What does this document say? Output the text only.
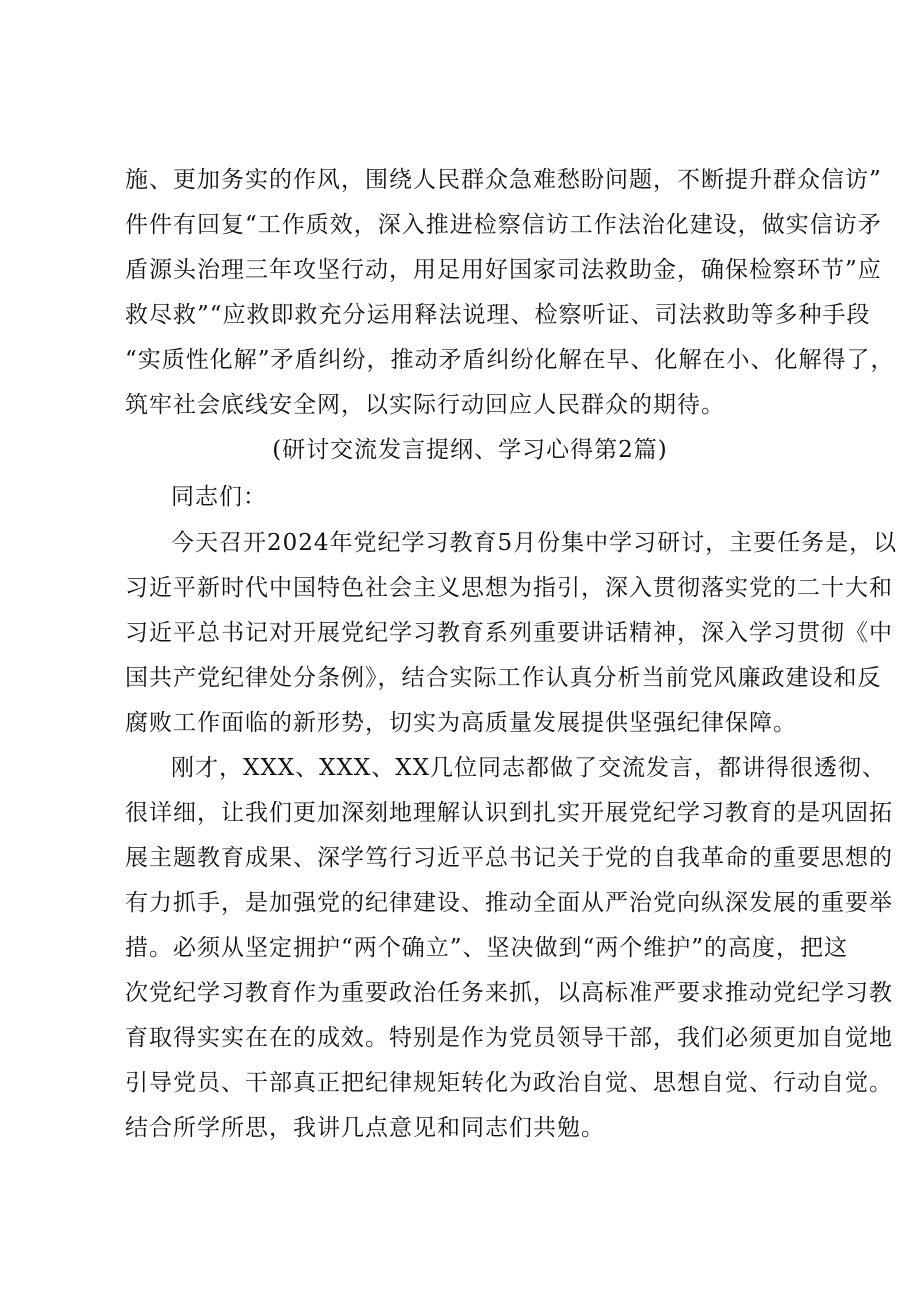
施、更加务实的作风，围绕人民群众急难愁盼问题，不断提升群众信访”
件件有回复“工作质效，深入推进检察信访工作法治化建设，做实信访矛
盾源头治理三年攻坚行动，用足用好国家司法救助金，确保检察环节”应
救尽救”“应救即救充分运用释法说理、检察听证、司法救助等多种手段
“实质性化解”矛盾纠纷，推动矛盾纠纷化解在早、化解在小、化解得了，
筑牢社会底线安全网，以实际行动回应人民群众的期待。
(研讨交流发言提纲、学习心得第2篇)
同志们：
今天召开2024年党纪学习教育5月份集中学习研讨，主要任务是，以
习近平新时代中国特色社会主义思想为指引，深入贯彻落实党的二十大和
习近平总书记对开展党纪学习教育系列重要讲话精神，深入学习贯彻《中
国共产党纪律处分条例》，结合实际工作认真分析当前党风廉政建设和反
腐败工作面临的新形势，切实为高质量发展提供坚强纪律保障。
刚才，XXX、XXX、XX几位同志都做了交流发言，都讲得很透彻、
很详细，让我们更加深刻地理解认识到扎实开展党纪学习教育的是巩固拓
展主题教育成果、深学笃行习近平总书记关于党的自我革命的重要思想的
有力抓手，是加强党的纪律建设、推动全面从严治党向纵深发展的重要举
措。必须从坚定拥护“两个确立”、坚决做到“两个维护”的高度，把这
次党纪学习教育作为重要政治任务来抓，以高标准严要求推动党纪学习教
育取得实实在在的成效。特别是作为党员领导干部，我们必须更加自觉地
引导党员、干部真正把纪律规矩转化为政治自觉、思想自觉、行动自觉。
结合所学所思，我讲几点意见和同志们共勉。
